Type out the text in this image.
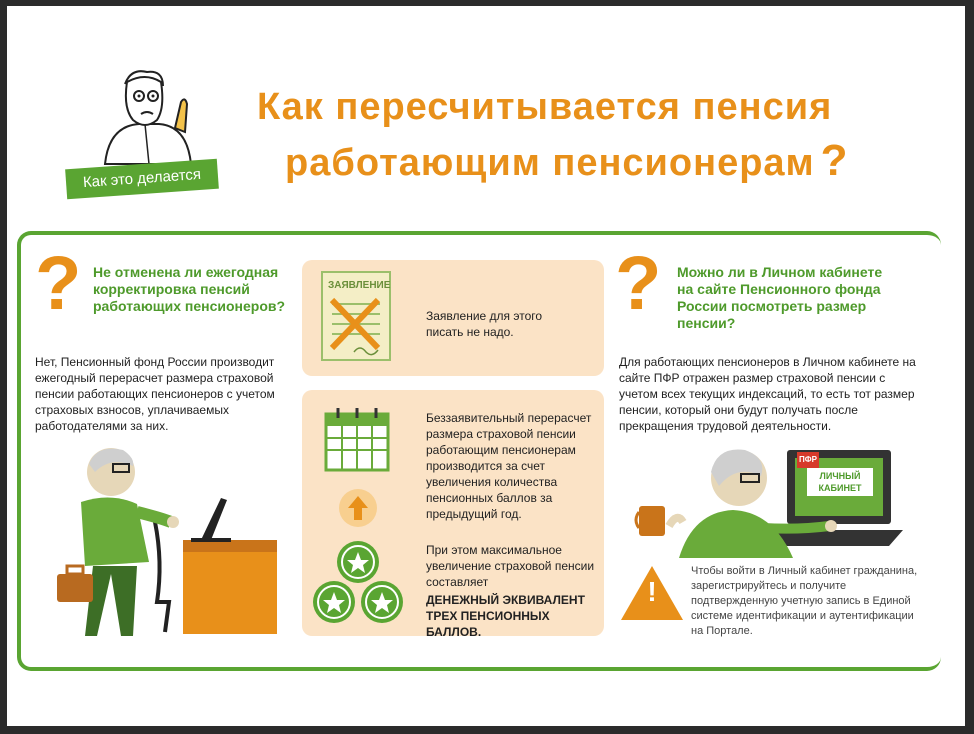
Как это делается
Как пересчитывается пенсия
работающим пенсионерам ?
? Не отменена ли ежегодная корректировка пенсий работающих пенсионеров?
Нет, Пенсионный фонд России производит ежегодный перерасчет размера страховой пенсии работающих пенсионеров с учетом страховых взносов, уплачиваемых работодателями за них.
ЗАЯВЛЕНИЕ
Заявление для этого писать не надо.
Беззаявительный перерасчет размера страховой пенсии работающим пенсионерам производится за счет увеличения количества пенсионных баллов за предыдущий год.
При этом максимальное увеличение страховой пенсии составляет
ДЕНЕЖНЫЙ ЭКВИВАЛЕНТ ТРЕХ ПЕНСИОННЫХ БАЛЛОВ.
? Можно ли в Личном кабинете на сайте Пенсионного фонда России посмотреть размер пенсии?
Для работающих пенсионеров в Личном кабинете на сайте ПФР отражен размер страховой пенсии с учетом всех текущих индексаций, то есть тот размер пенсии, который они будут получать после прекращения трудовой деятельности.
ПФР
ЛИЧНЫЙ КАБИНЕТ
!
Чтобы войти в Личный кабинет гражданина, зарегистрируйтесь и получите подтвержденную учетную запись в Единой системе идентификации и аутентификации на Портале.
